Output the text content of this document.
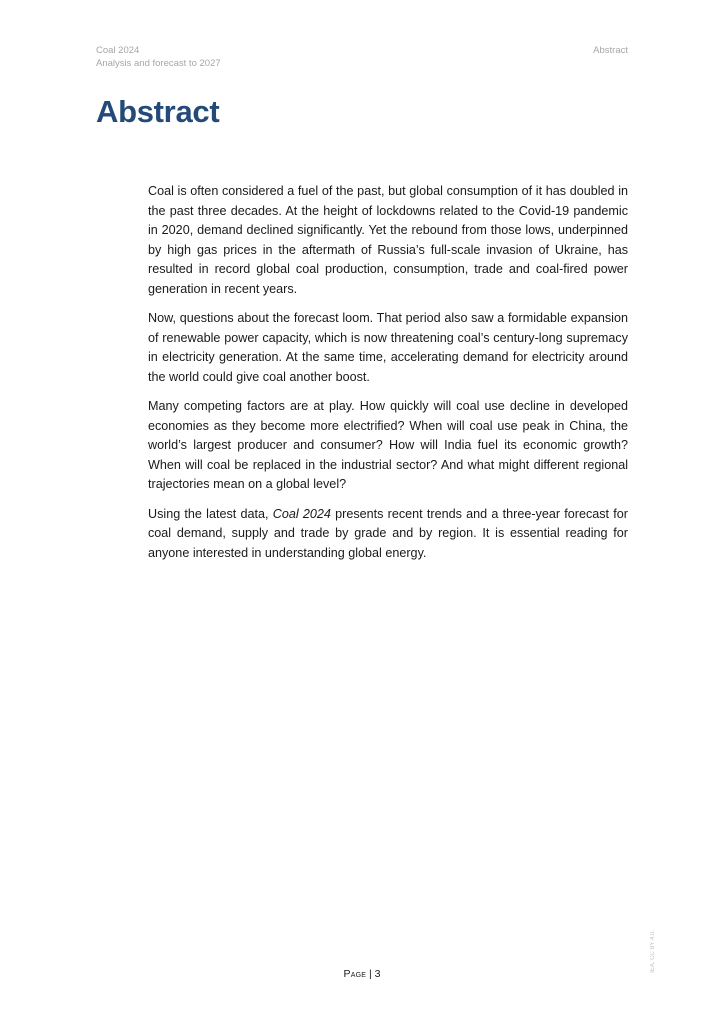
Coal 2024
Analysis and forecast to 2027
Abstract
Abstract

Coal is often considered a fuel of the past, but global consumption of it has doubled in the past three decades. At the height of lockdowns related to the Covid-19 pandemic in 2020, demand declined significantly. Yet the rebound from those lows, underpinned by high gas prices in the aftermath of Russia’s full-scale invasion of Ukraine, has resulted in record global coal production, consumption, trade and coal-fired power generation in recent years.

Now, questions about the forecast loom. That period also saw a formidable expansion of renewable power capacity, which is now threatening coal’s century-long supremacy in electricity generation. At the same time, accelerating demand for electricity around the world could give coal another boost.

Many competing factors are at play. How quickly will coal use decline in developed economies as they become more electrified? When will coal use peak in China, the world’s largest producer and consumer? How will India fuel its economic growth? When will coal be replaced in the industrial sector? And what might different regional trajectories mean on a global level?

Using the latest data, Coal 2024 presents recent trends and a three-year forecast for coal demand, supply and trade by grade and by region. It is essential reading for anyone interested in understanding global energy.

IEA. CC BY 4.0.
Page | 3
